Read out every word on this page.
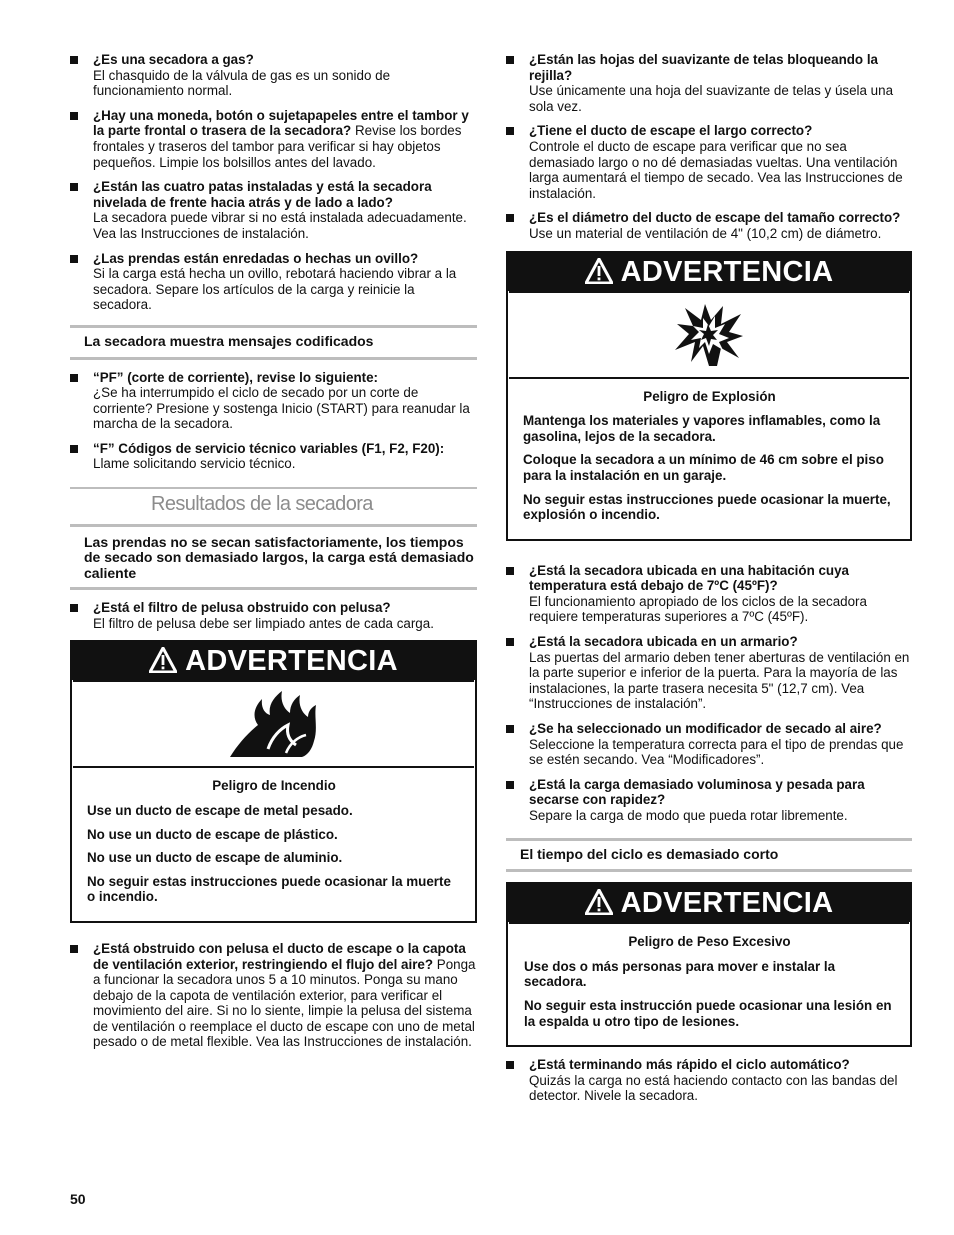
¿Es una secadora a gas?
El chasquido de la válvula de gas es un sonido de funcionamiento normal.
¿Hay una moneda, botón o sujetapapeles entre el tambor y la parte frontal o trasera de la secadora? Revise los bordes frontales y traseros del tambor para verificar si hay objetos pequeños. Limpie los bolsillos antes del lavado.
¿Están las cuatro patas instaladas y está la secadora nivelada de frente hacia atrás y de lado a lado?
La secadora puede vibrar si no está instalada adecuadamente. Vea las Instrucciones de instalación.
¿Las prendas están enredadas o hechas un ovillo?
Si la carga está hecha un ovillo, rebotará haciendo vibrar a la secadora. Separe los artículos de la carga y reinicie la secadora.
La secadora muestra mensajes codificados
“PF” (corte de corriente), revise lo siguiente:
¿Se ha interrumpido el ciclo de secado por un corte de corriente? Presione y sostenga Inicio (START) para reanudar la marcha de la secadora.
“F” Códigos de servicio técnico variables (F1, F2, F20):
Llame solicitando servicio técnico.
Resultados de la secadora
Las prendas no se secan satisfactoriamente, los tiempos de secado son demasiado largos, la carga está demasiado caliente
¿Está el filtro de pelusa obstruido con pelusa?
El filtro de pelusa debe ser limpiado antes de cada carga.
ADVERTENCIA
Peligro de Incendio

Use un ducto de escape de metal pesado.

No use un ducto de escape de plástico.

No use un ducto de escape de aluminio.

No seguir estas instrucciones puede ocasionar la muerte o incendio.

¿Está obstruido con pelusa el ducto de escape o la capota de ventilación exterior, restringiendo el flujo del aire? Ponga a funcionar la secadora unos 5 a 10 minutos. Ponga su mano debajo de la capota de ventilación exterior, para verificar el movimiento del aire. Si no lo siente, limpie la pelusa del sistema de ventilación o reemplace el ducto de escape con uno de metal pesado o de metal flexible. Vea las Instrucciones de instalación.
¿Están las hojas del suavizante de telas bloqueando la rejilla?
Use únicamente una hoja del suavizante de telas y úsela una sola vez.
¿Tiene el ducto de escape el largo correcto?
Controle el ducto de escape para verificar que no sea demasiado largo o no dé demasiadas vueltas. Una ventilación larga aumentará el tiempo de secado. Vea las Instrucciones de instalación.
¿Es el diámetro del ducto de escape del tamaño correcto?
Use un material de ventilación de 4" (10,2 cm) de diámetro.
ADVERTENCIA
Peligro de Explosión

Mantenga los materiales y vapores inflamables, como la gasolina, lejos de la secadora.

Coloque la secadora a un mínimo de 46 cm sobre el piso para la instalación en un garaje.

No seguir estas instrucciones puede ocasionar la muerte, explosión o incendio.

¿Está la secadora ubicada en una habitación cuya temperatura está debajo de 7ºC (45ºF)?
El funcionamiento apropiado de los ciclos de la secadora requiere temperaturas superiores a 7ºC (45ºF).
¿Está la secadora ubicada en un armario?
Las puertas del armario deben tener aberturas de ventilación en la parte superior e inferior de la puerta. Para la mayoría de las instalaciones, la parte trasera necesita 5" (12,7 cm). Vea “Instrucciones de instalación”.
¿Se ha seleccionado un modificador de secado al aire?
Seleccione la temperatura correcta para el tipo de prendas que se estén secando. Vea “Modificadores”.
¿Está la carga demasiado voluminosa y pesada para secarse con rapidez?
Separe la carga de modo que pueda rotar libremente.
El tiempo del ciclo es demasiado corto
ADVERTENCIA
Peligro de Peso Excesivo

Use dos o más personas para mover e instalar la secadora.

No seguir esta instrucción puede ocasionar una lesión en la espalda u otro tipo de lesiones.

¿Está terminando más rápido el ciclo automático?
Quizás la carga no está haciendo contacto con las bandas del detector. Nivele la secadora.
50
